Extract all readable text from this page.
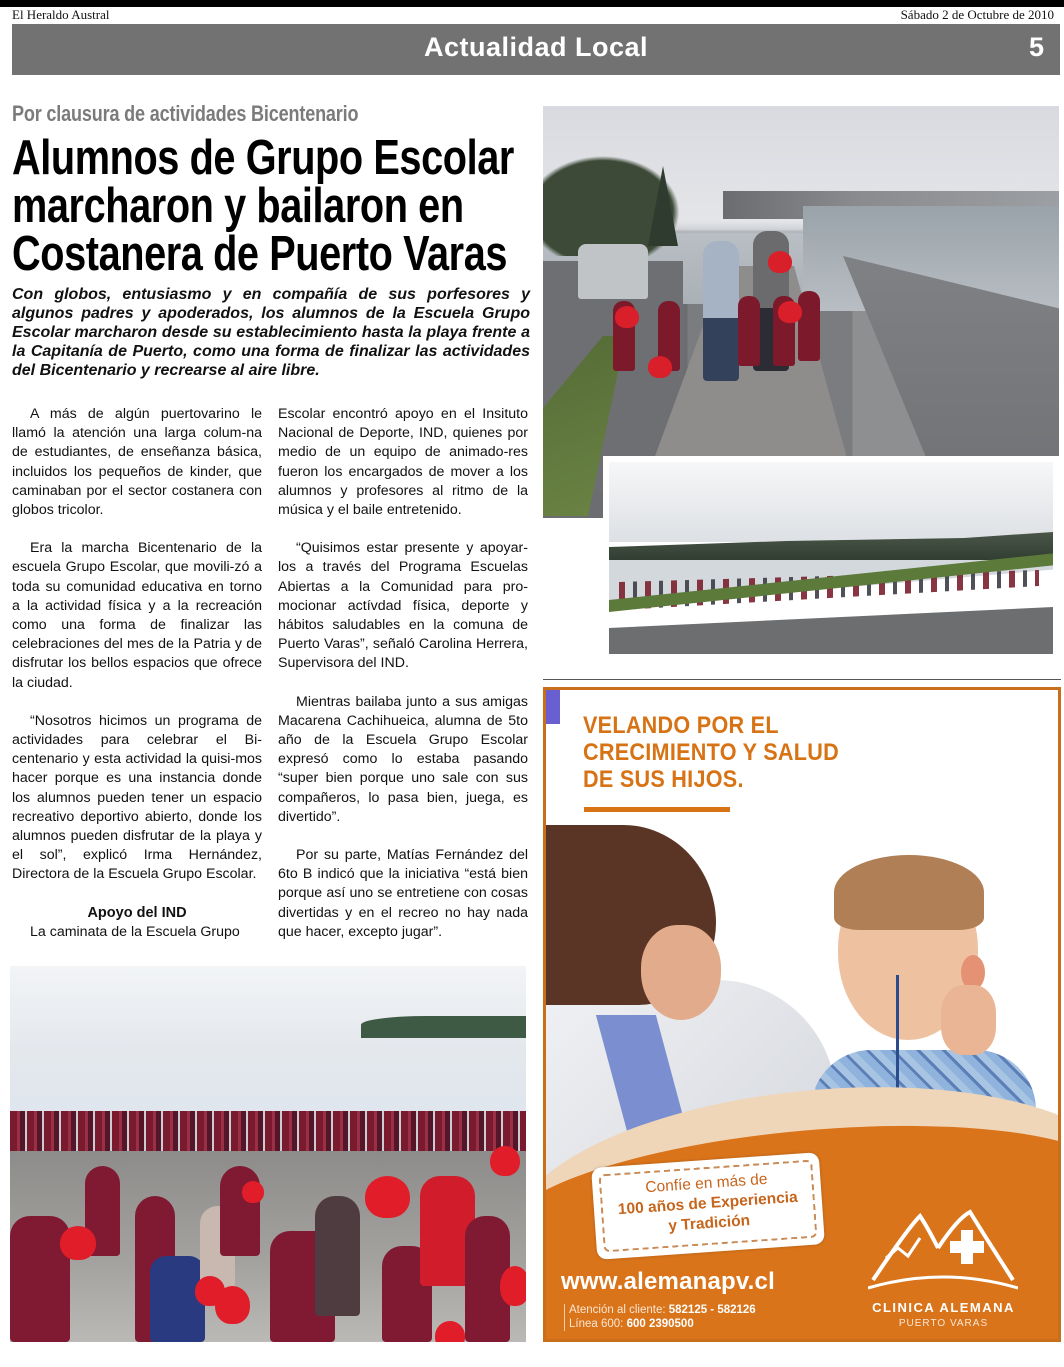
El Heraldo Austral	Sábado 2 de Octubre de 2010
Actualidad Local	5
Por clausura de actividades Bicentenario
Alumnos de Grupo Escolar
marcharon y bailaron en
Costanera de Puerto Varas

Con globos, entusiasmo y en compañía de sus porfesores y algunos padres y apoderados, los alumnos de la Escuela Grupo Escolar marcharon desde su establecimiento hasta la playa frente a la Capitanía de Puerto, como una forma de finalizar las actividades del Bicentenario y recrearse al aire libre.

A más de algún puertovarino le llamó la atención una larga colum-na de estudiantes, de enseñanza básica, incluidos los pequeños de kinder, que caminaban por el sector costanera con globos tricolor.

Era la marcha Bicentenario de la escuela Grupo Escolar, que movili-zó a toda su comunidad educativa en torno a la actividad física y a la recreación como una forma de finalizar las celebraciones del mes de la Patria y de disfrutar los bellos espacios que ofrece la ciudad.

“Nosotros hicimos un programa de actividades para celebrar el Bi-centenario y esta actividad la quisi-mos hacer porque es una instancia donde los alumnos pueden tener un espacio recreativo deportivo abierto, donde los alumnos pueden disfrutar de la playa y el sol”, explicó Irma Hernández, Directora de la Escuela Grupo Escolar.

Apoyo del IND

La caminata de la Escuela Grupo

Escolar encontró apoyo en el Insituto Nacional de Deporte, IND, quienes por medio de un equipo de animado-res fueron los encargados de mover a los alumnos y profesores al ritmo de la música y el baile entretenido.

“Quisimos estar presente y apoyar-los a través del Programa Escuelas Abiertas a la Comunidad para pro-mocionar actívdad física, deporte y hábitos saludables en la comuna de Puerto Varas”, señaló Carolina Herrera, Supervisora del IND.

Mientras bailaba junto a sus amigas Macarena Cachihueica, alumna de 5to año de la Escuela Grupo Escolar expresó como lo estaba pasando “super bien porque uno sale con sus compañeros, lo pasa bien, juega, es divertido”.

Por su parte, Matías Fernández del 6to B indicó que la iniciativa “está bien porque así uno se entretiene con cosas divertidas y en el recreo no hay nada que hacer, excepto jugar”.

VELANDO POR EL
CRECIMIENTO Y SALUD
DE SUS HIJOS.
Confíe en más de
100 años de Experiencia
y Tradición
www.alemanapv.cl
Atención al cliente: 582125 - 582126
Línea 600: 600 2390500
CLINICA ALEMANA
PUERTO VARAS
